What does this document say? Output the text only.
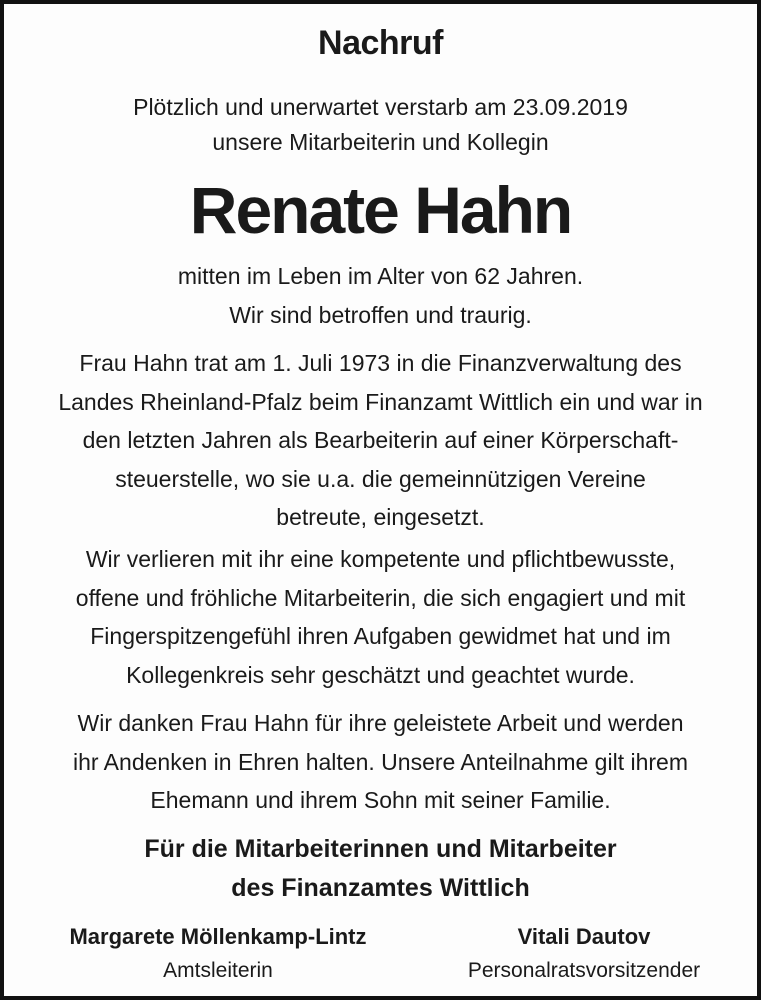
Nachruf
Plötzlich und unerwartet verstarb am 23.09.2019
unsere Mitarbeiterin und Kollegin
Renate Hahn
mitten im Leben im Alter von 62 Jahren.
Wir sind betroffen und traurig.
Frau Hahn trat am 1. Juli 1973 in die Finanzverwaltung des
Landes Rheinland-Pfalz beim Finanzamt Wittlich ein und war in
den letzten Jahren als Bearbeiterin auf einer Körperschaft-
steuerstelle, wo sie u.a. die gemeinnützigen Vereine
betreute, eingesetzt.
Wir verlieren mit ihr eine kompetente und pflichtbewusste,
offene und fröhliche Mitarbeiterin, die sich engagiert und mit
Fingerspitzengefühl ihren Aufgaben gewidmet hat und im
Kollegenkreis sehr geschätzt und geachtet wurde.
Wir danken Frau Hahn für ihre geleistete Arbeit und werden
ihr Andenken in Ehren halten. Unsere Anteilnahme gilt ihrem
Ehemann und ihrem Sohn mit seiner Familie.
Für die Mitarbeiterinnen und Mitarbeiter
des Finanzamtes Wittlich
Margarete Möllenkamp-Lintz
Amtsleiterin
Vitali Dautov
Personalratsvorsitzender
